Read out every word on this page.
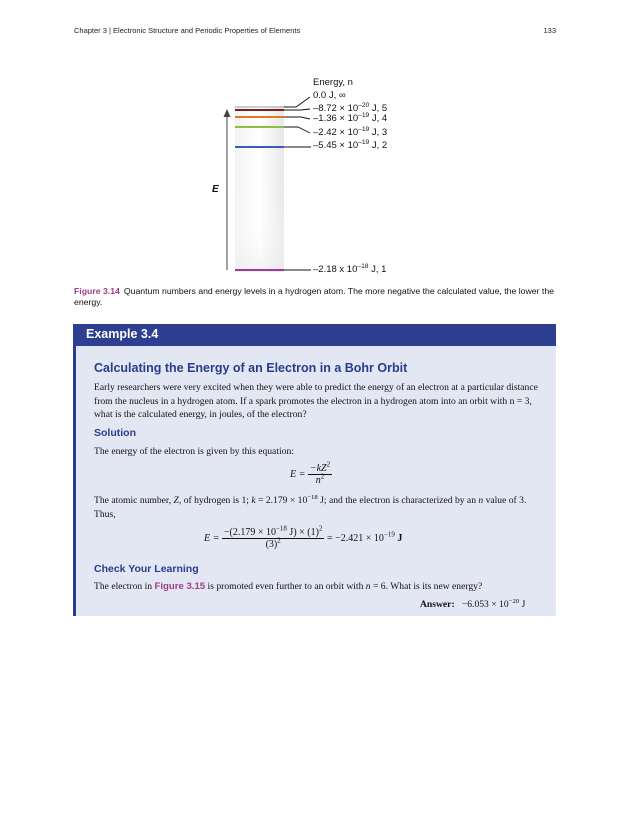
Chapter 3 | Electronic Structure and Periodic Properties of Elements	133
E
Energy, n
0.0 J, ∞
$-8.72 \times 10^{-20}$ J, 5
$-1.36 \times 10^{-19}$ J, 4
$-2.42 \times 10^{-19}$ J, 3
$-5.45 \times 10^{-19}$ J, 2
–2.18 x $10^{-18}$ J, 1
Figure 3.14 Quantum numbers and energy levels in a hydrogen atom. The more negative the calculated value, the lower the energy.
Example 3.4
Calculating the Energy of an Electron in a Bohr Orbit
Early researchers were very excited when they were able to predict the energy of an electron at a particular distance from the nucleus in a hydrogen atom. If a spark promotes the electron in a hydrogen atom into an orbit with n = 3, what is the calculated energy, in joules, of the electron?
Solution
The energy of the electron is given by this equation:
$E = \frac{-kZ^2}{n^2}$
The atomic number, Z, of hydrogen is 1; $k = 2.179 \times 10^{-18}$ J; and the electron is characterized by an n value of 3. Thus,
$E = \frac{-(2.179 \times 10^{-18} J) \times (1)^2}{(3)^2} = -2.421 \times 10^{-19}$ J
Check Your Learning
The electron in Figure 3.15 is promoted even further to an orbit with n = 6. What is its new energy?
Answer: $-6.053 \times 10^{-20}$ J
